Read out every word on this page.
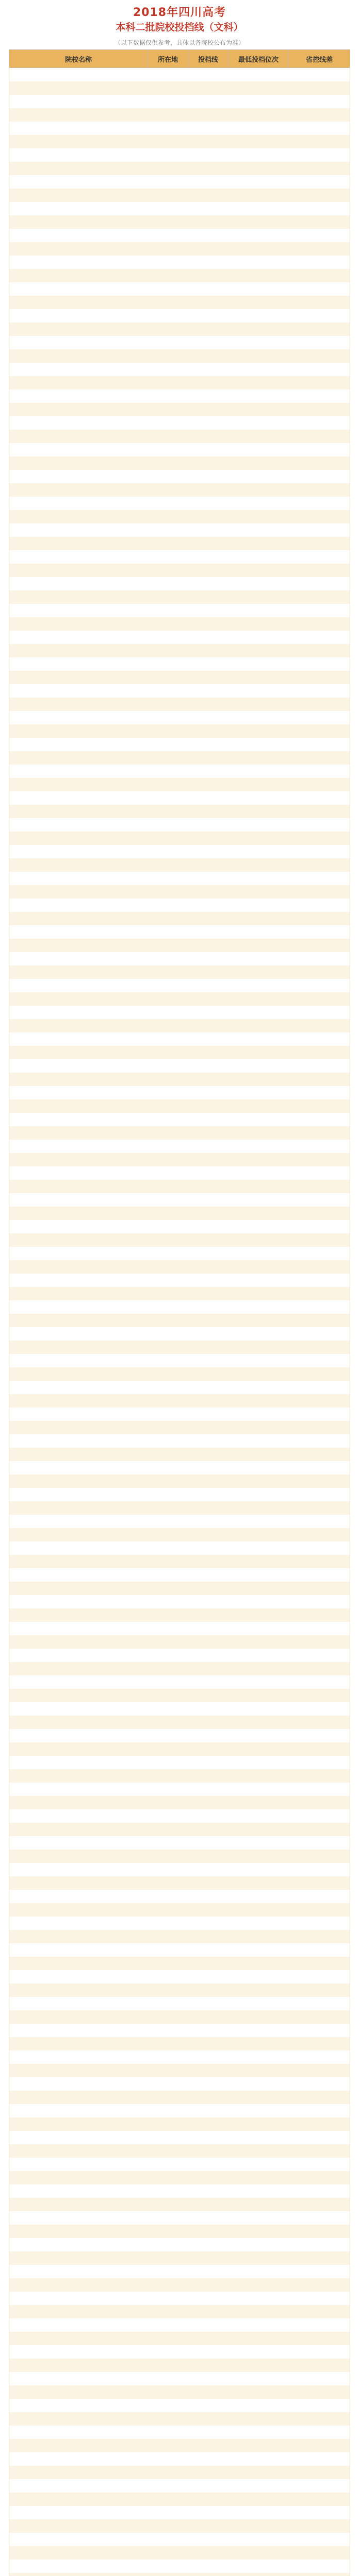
2018年四川高考
本科二批院校投档线（文科）
（以下数据仅供参考，具体以各院校公布为准）
院校名称	所在地	投档线	最低投档位次	省控线差
